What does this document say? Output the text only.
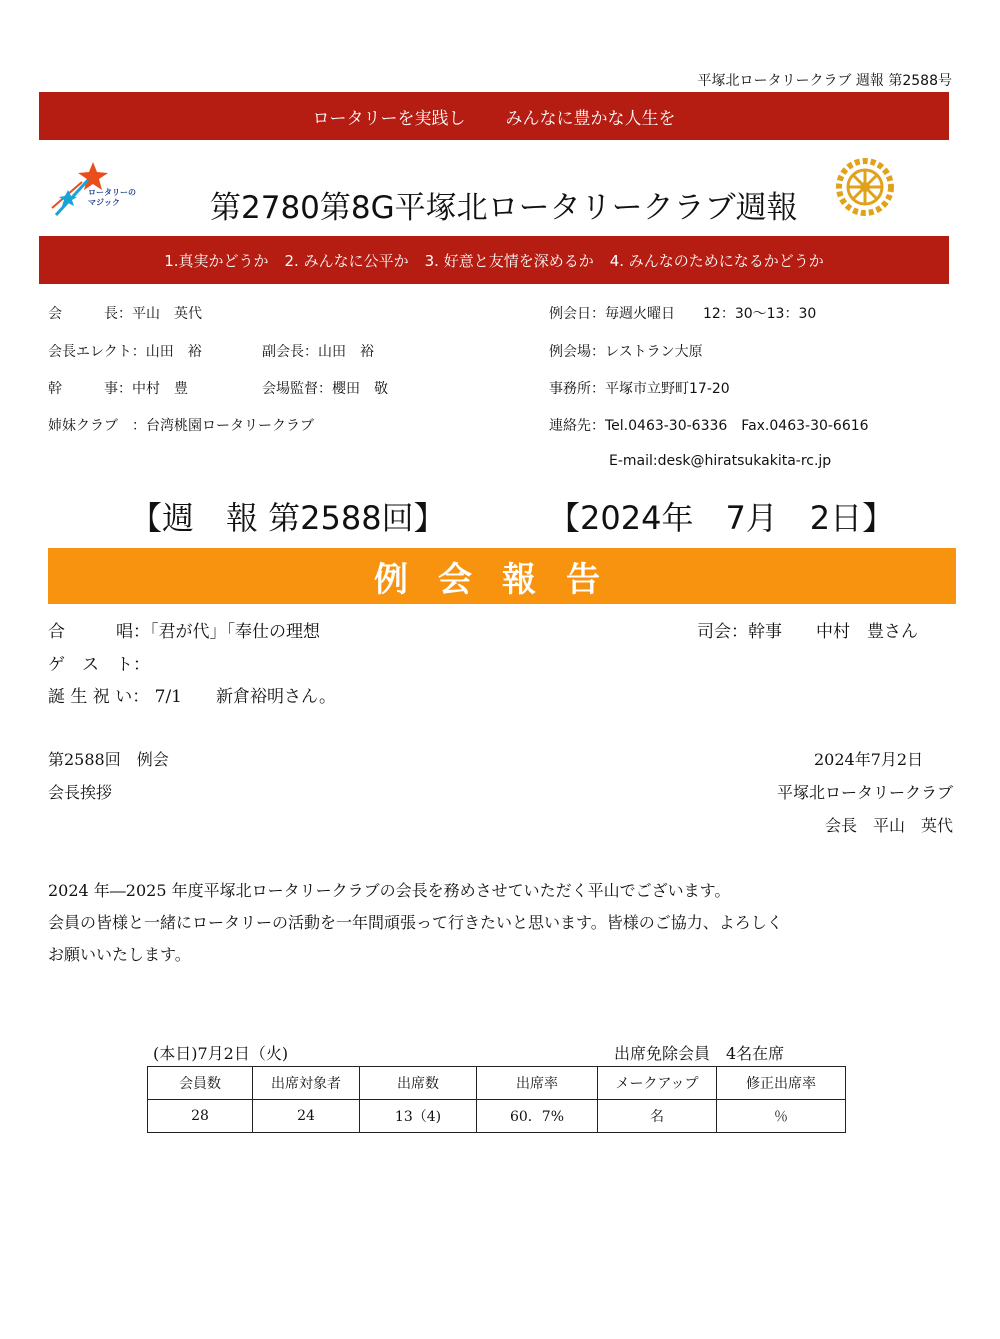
平塚北ロータリークラブ 週報 第2588号
ロータリーを実践し みんなに豊かな人生を
ロータリーの
マジック	第2780第8G平塚北ロータリークラブ週報
1.真実かどうか 2. みんなに公平か 3. 好意と友情を深めるか 4. みんなのためになるかどうか
会　　　長：平山　英代
会長エレクト：山田　裕	副会長：山田　裕
幹　　　事：中村　豊	会場監督：櫻田　敬
姉妹クラブ　：台湾桃園ロータリークラブ
例会日：毎週火曜日　　12：30〜13：30
例会場：レストラン大原
事務所：平塚市立野町17-20
連絡先：Tel.0463-30-6336　Fax.0463-30-6616
E-mail:desk@hiratsukakita-rc.jp
【週　報 第2588回】	【2024年　7月　2日】
例会報告
合　　　唱：「君が代」「奉仕の理想	司会：幹事　　中村　豊さん
ゲ　ス　ト：
誕 生 祝 い： 7/1　　新倉裕明さん。
第2588回　例会	2024年7月2日
会長挨拶	平塚北ロータリークラブ
会長　平山　英代
2024 年―2025 年度平塚北ロータリークラブの会長を務めさせていただく平山でございます。
会員の皆様と一緒にロータリーの活動を一年間頑張って行きたいと思います。皆様のご協力、よろしく
お願いいたします。
(本日)7月2日（火)	出席免除会員　4名在席
会員数	出席対象者	出席数	出席率	メークアップ	修正出席率
28	24	13（4)	60．7%	名	％
